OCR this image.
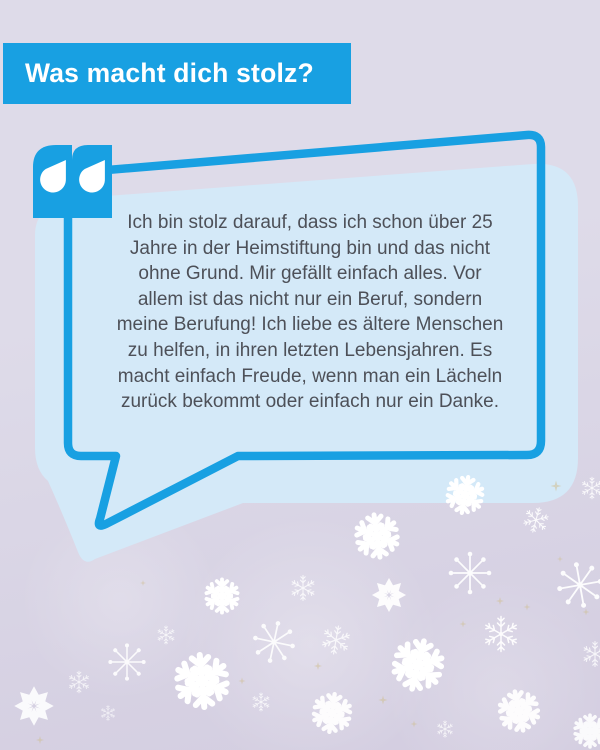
Was macht dich stolz?
Ich bin stolz darauf, dass ich schon über 25
Jahre in der Heimstiftung bin und das nicht
ohne Grund. Mir gefällt einfach alles. Vor
allem ist das nicht nur ein Beruf, sondern
meine Berufung! Ich liebe es ältere Menschen
zu helfen, in ihren letzten Lebensjahren. Es
macht einfach Freude, wenn man ein Lächeln
zurück bekommt oder einfach nur ein Danke.
